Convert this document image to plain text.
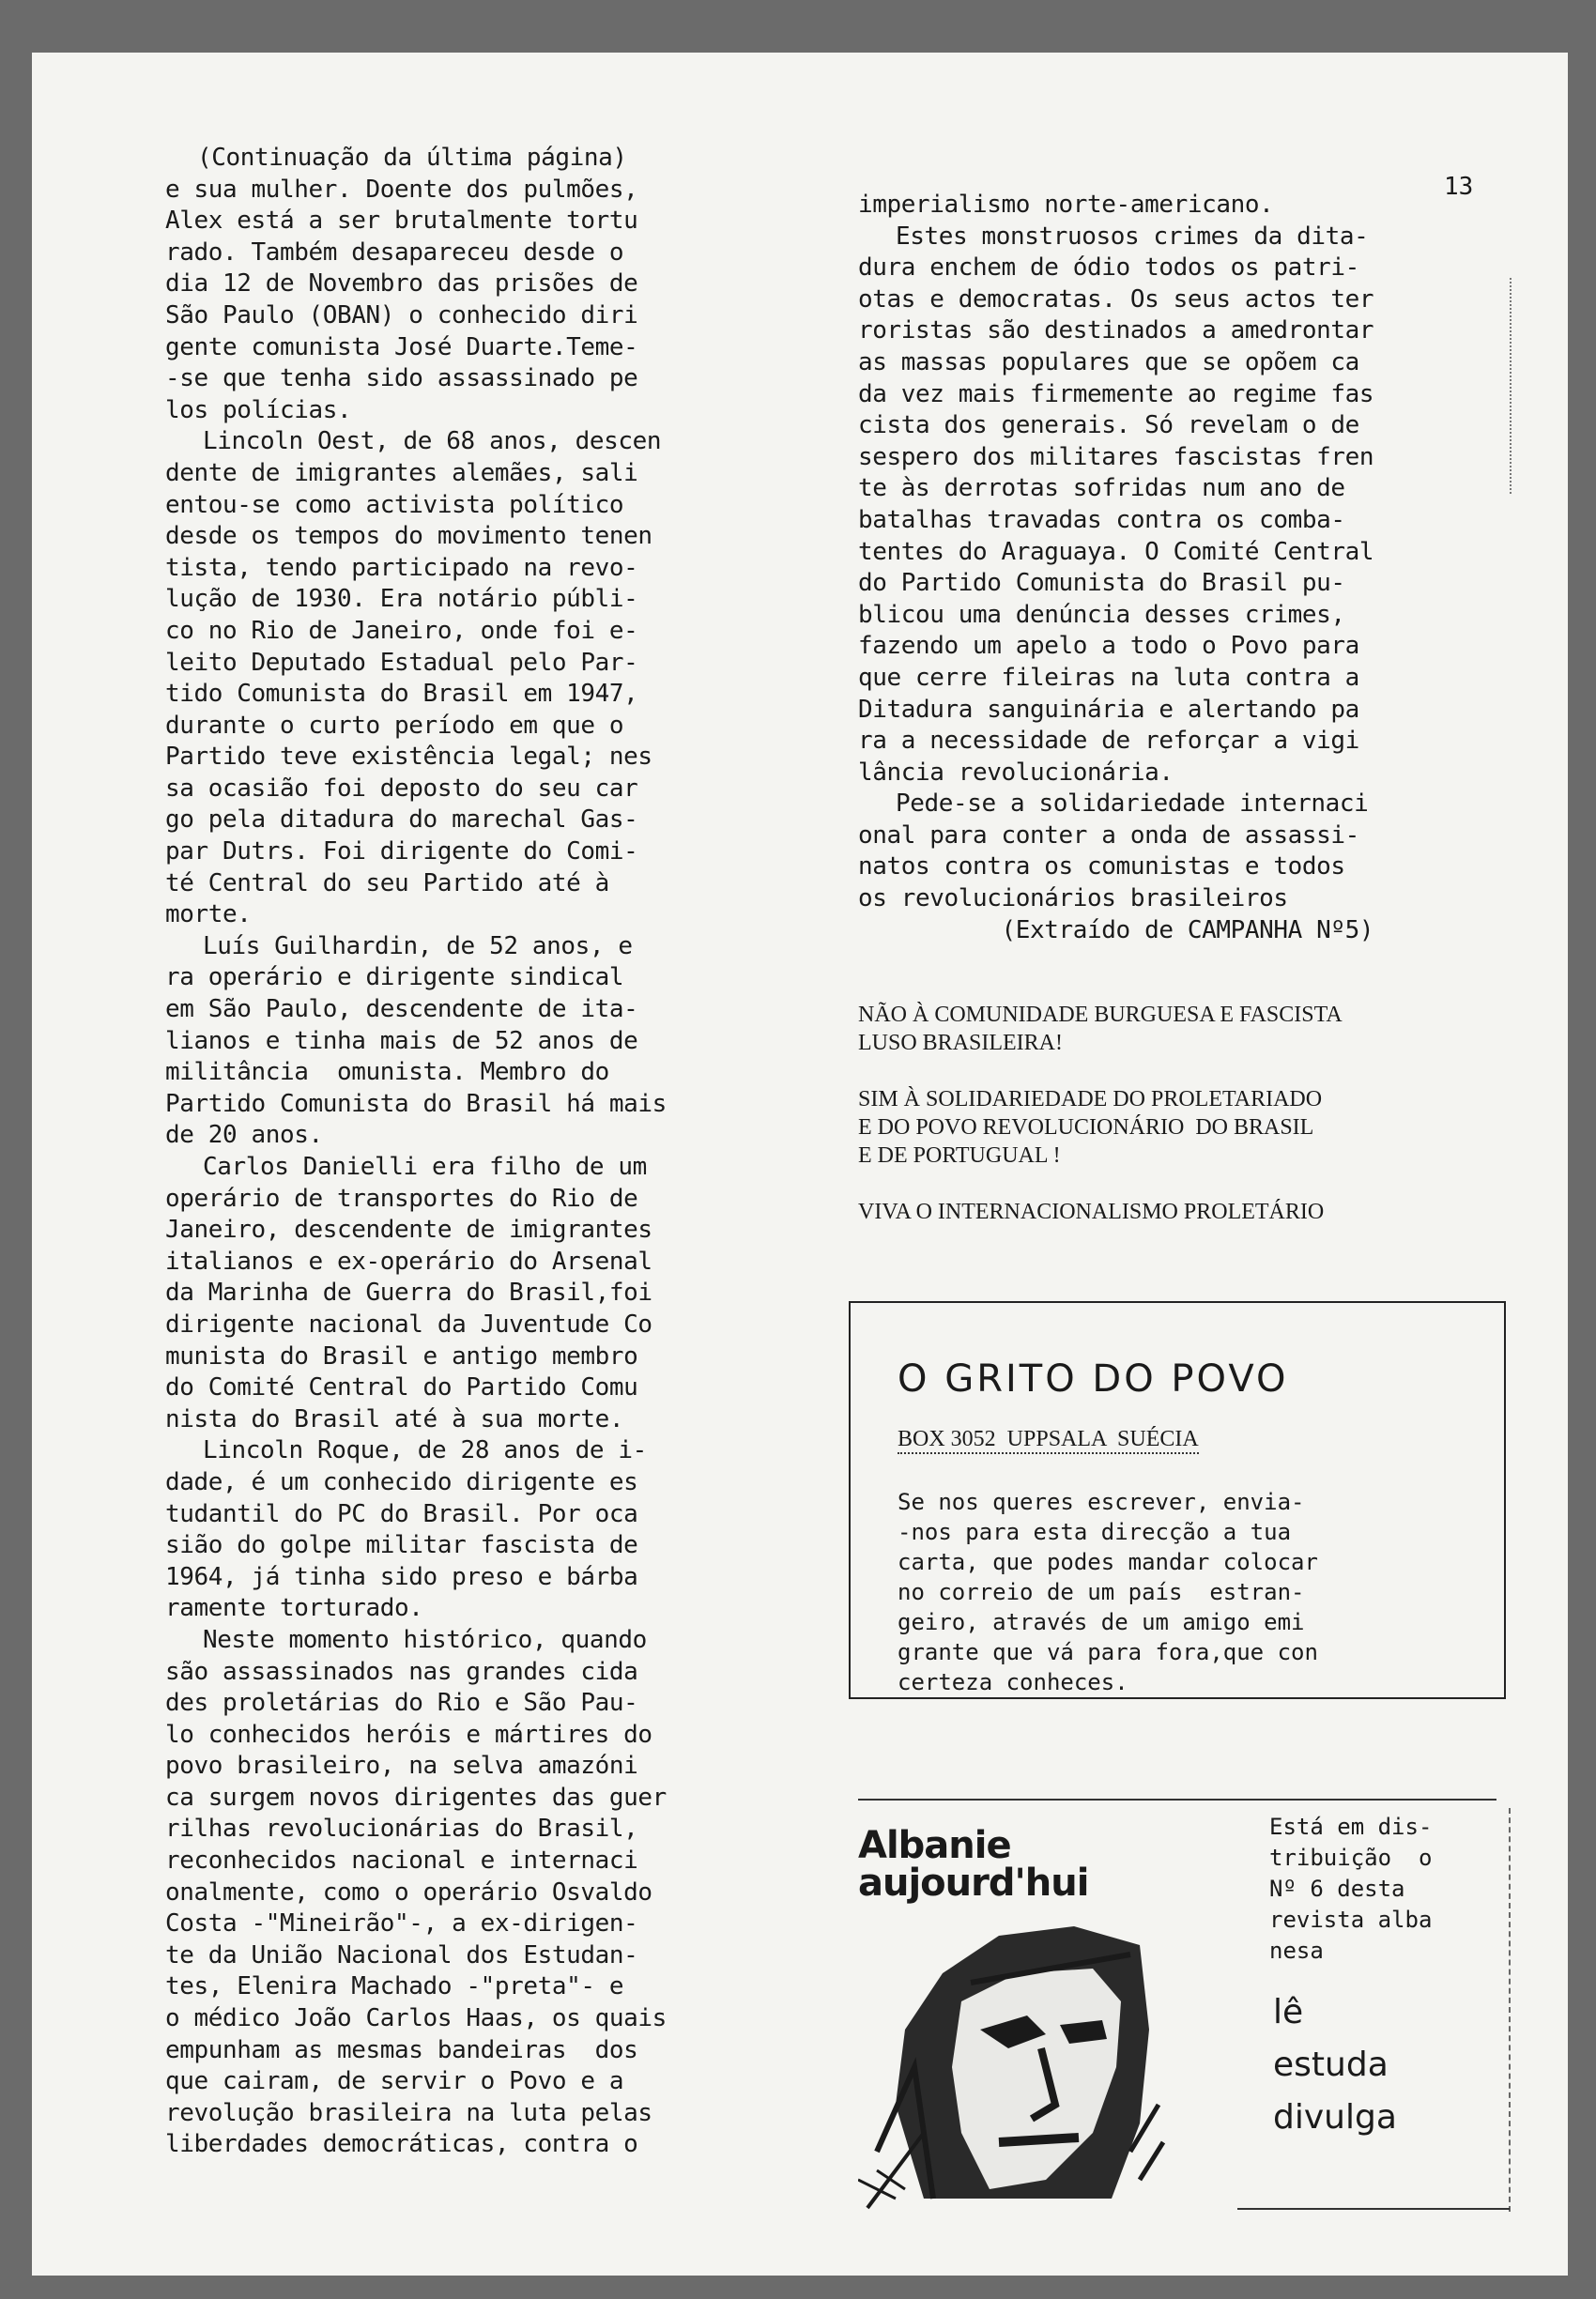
13

(Continuação da última página)

e sua mulher. Doente dos pulmões,

Alex está a ser brutalmente tortu

rado. Também desapareceu desde o

dia 12 de Novembro das prisões de

São Paulo (OBAN) o conhecido diri

gente comunista José Duarte.Teme-

-se que tenha sido assassinado pe

los polícias.

Lincoln Oest, de 68 anos, descen

dente de imigrantes alemães, sali

entou-se como activista político

desde os tempos do movimento tenen

tista, tendo participado na revo-

lução de 1930. Era notário públi-

co no Rio de Janeiro, onde foi e-

leito Deputado Estadual pelo Par-

tido Comunista do Brasil em 1947,

durante o curto período em que o

Partido teve existência legal; nes

sa ocasião foi deposto do seu car

go pela ditadura do marechal Gas-

par Dutrs. Foi dirigente do Comi-

té Central do seu Partido até à

morte.

Luís Guilhardin, de 52 anos, e

ra operário e dirigente sindical

em São Paulo, descendente de ita-

lianos e tinha mais de 52 anos de

militância  omunista. Membro do

Partido Comunista do Brasil há mais

de 20 anos.

Carlos Danielli era filho de um

operário de transportes do Rio de

Janeiro, descendente de imigrantes

italianos e ex-operário do Arsenal

da Marinha de Guerra do Brasil,foi

dirigente nacional da Juventude Co

munista do Brasil e antigo membro

do Comité Central do Partido Comu

nista do Brasil até à sua morte.

Lincoln Roque, de 28 anos de i-

dade, é um conhecido dirigente es

tudantil do PC do Brasil. Por oca

sião do golpe militar fascista de

1964, já tinha sido preso e bárba

ramente torturado.

Neste momento histórico, quando

são assassinados nas grandes cida

des proletárias do Rio e São Pau-

lo conhecidos heróis e mártires do

povo brasileiro, na selva amazóni

ca surgem novos dirigentes das guer

rilhas revolucionárias do Brasil,

reconhecidos nacional e internaci

onalmente, como o operário Osvaldo

Costa -"Mineirão"-, a ex-dirigen-

te da União Nacional dos Estudan-

tes, Elenira Machado -"preta"- e

o médico João Carlos Haas, os quais

empunham as mesmas bandeiras  dos

que cairam, de servir o Povo e a

revolução brasileira na luta pelas

liberdades democráticas, contra o

imperialismo norte-americano.

Estes monstruosos crimes da dita-

dura enchem de ódio todos os patri-

otas e democratas. Os seus actos ter

roristas são destinados a amedrontar

as massas populares que se opõem ca

da vez mais firmemente ao regime fas

cista dos generais. Só revelam o de

sespero dos militares fascistas fren

te às derrotas sofridas num ano de

batalhas travadas contra os comba-

tentes do Araguaya. O Comité Central

do Partido Comunista do Brasil pu-

blicou uma denúncia desses crimes,

fazendo um apelo a todo o Povo para

que cerre fileiras na luta contra a

Ditadura sanguinária e alertando pa

ra a necessidade de reforçar a vigi

lância revolucionária.

Pede-se a solidariedade internaci

onal para conter a onda de assassi-

natos contra os comunistas e todos

os revolucionários brasileiros

(Extraído de CAMPANHA Nº5)

NÃO À COMUNIDADE BURGUESA E FASCISTA
LUSO BRASILEIRA!

SIM À SOLIDARIEDADE DO PROLETARIADO
E DO POVO REVOLUCIONÁRIO  DO BRASIL
E DE PORTUGUAL !

VIVA O INTERNACIONALISMO PROLETÁRIO

O GRITO DO POVO
BOX 3052  UPPSALA  SUÉCIA

Se nos queres escrever, envia-

-nos para esta direcção a tua

carta, que podes mandar colocar

no correio de um país  estran-

geiro, através de um amigo emi

grante que vá para fora,que con

certeza conheces.

Albanie
aujourd'hui

Está em dis-

tribuição  o

Nº 6 desta

revista alba

nesa

lê
estuda
divulga
